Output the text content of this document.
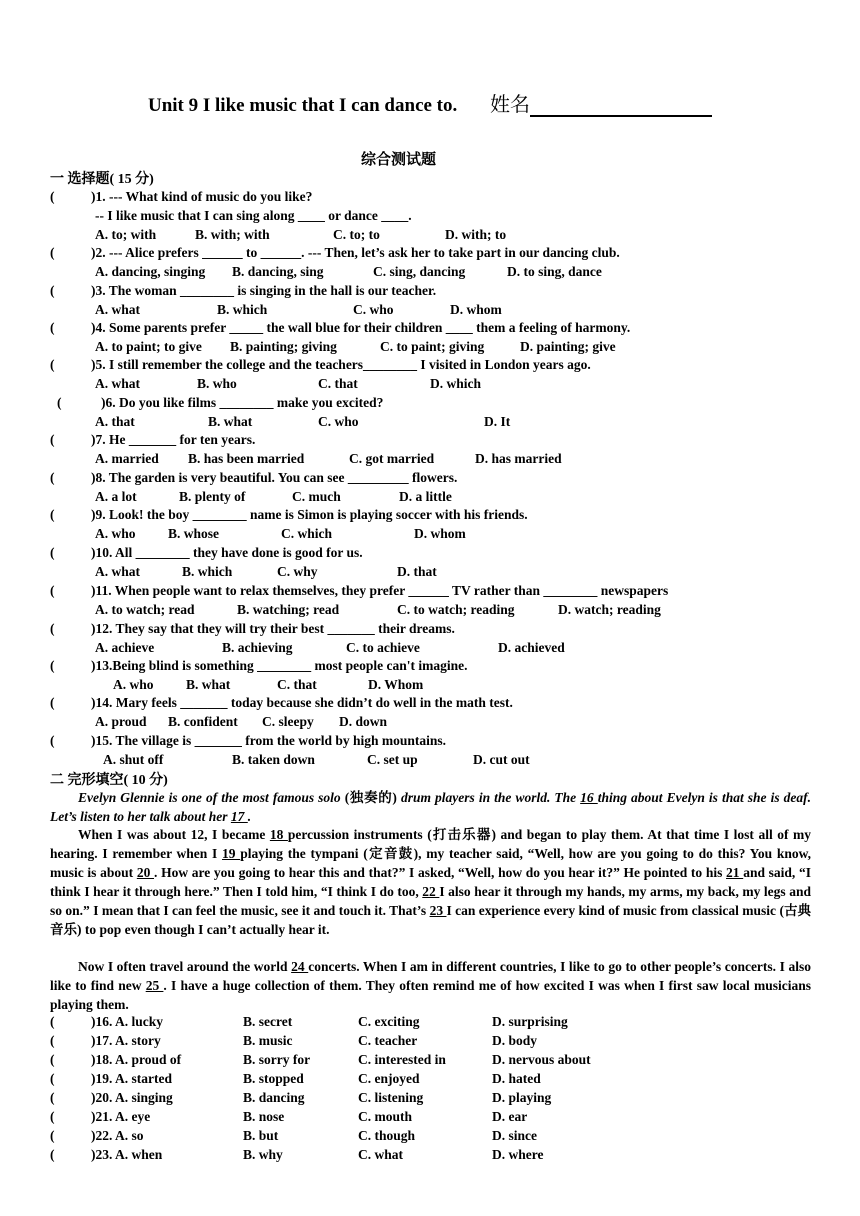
Unit 9 I like music that I can dance to. 姓名
综合测试题
一 选择题( 15 分)
(	)1. --- What kind of music do you like?
-- I like music that I can sing along ____ or dance ____.
A. to; with	B. with; with	C. to; to	D. with; to
(	)2. --- Alice prefers ______ to ______. --- Then, let’s ask her to take part in our dancing club.
A. dancing, singing B. dancing, sing	C. sing, dancing	D. to sing, dance
(	)3. The woman ________ is singing in the hall is our teacher.
A. what	B. which	C. who	D. whom
(	)4. Some parents prefer _____ the wall blue for their children ____ them a feeling of harmony.
A. to paint; to give B. painting; giving	C. to paint; giving	D. painting; give
(	)5. I still remember the college and the teachers________ I visited in London years ago.
A. what	B. who	C. that	D. which
(	)6. Do you like films ________ make you excited?
A. that	B. what	C. who	D. It
(	)7. He _______ for ten years.
A. married B. has been married	C. got married	D. has married
(	)8. The garden is very beautiful. You can see _________ flowers.
A. a lot	B. plenty of	C. much	D. a little
(	)9. Look! the boy ________ name is Simon is playing soccer with his friends.
A. who B. whose	C. which	D. whom
(	)10. All ________ they have done is good for us.
A. what	B. which	C. why	D. that
(	)11. When people want to relax themselves, they prefer ______ TV rather than ________ newspapers
A. to watch; read	B. watching; read	C. to watch; reading	D. watch; reading
(	)12. They say that they will try their best _______ their dreams.
A. achieve	B. achieving	C. to achieve	D. achieved
(	)13.Being blind is something ________ most people can't imagine.
A. who B. what	C. that	D. Whom
(	)14. Mary feels _______ today because she didn’t do well in the math test.
A. proud B. confident C. sleepy D. down
(	)15. The village is _______ from the world by high mountains.
A. shut off	B. taken down	C. set up	D. cut out
二 完形填空( 10 分)
Evelyn Glennie is one of the most famous solo (独奏的) drum players in the world. The 16 thing about Evelyn is that she is deaf. Let’s listen to her talk about her 17 .
When I was about 12, I became 18 percussion instruments (打击乐器) and began to play them. At that time I lost all of my hearing. I remember when I 19 playing the tympani (定音鼓), my teacher said, “Well, how are you going to do this? You know, music is about 20 . How are you going to hear this and that?” I asked, “Well, how do you hear it?” He pointed to his 21 and said, “I think I hear it through here.” Then I told him, “I think I do too, 22 I also hear it through my hands, my arms, my back, my legs and so on.” I mean that I can feel the music, see it and touch it. That’s 23 I can experience every kind of music from classical music (古典音乐) to pop even though I can’t actually hear it.
Now I often travel around the world 24 concerts. When I am in different countries, I like to go to other people’s concerts. I also like to find new 25 . I have a huge collection of them. They often remind me of how excited I was when I first saw local musicians playing them.
(	)16. A. lucky	B. secret	C. exciting	D. surprising
(	)17. A. story	B. music	C. teacher	D. body
(	)18. A. proud of	B. sorry for	C. interested in	D. nervous about
(	)19. A. started	B. stopped	C. enjoyed	D. hated
(	)20. A. singing	B. dancing	C. listening	D. playing
(	)21. A. eye	B. nose	C. mouth	D. ear
(	)22. A. so	B. but	C. though	D. since
(	)23. A. when	B. why	C. what	D. where
